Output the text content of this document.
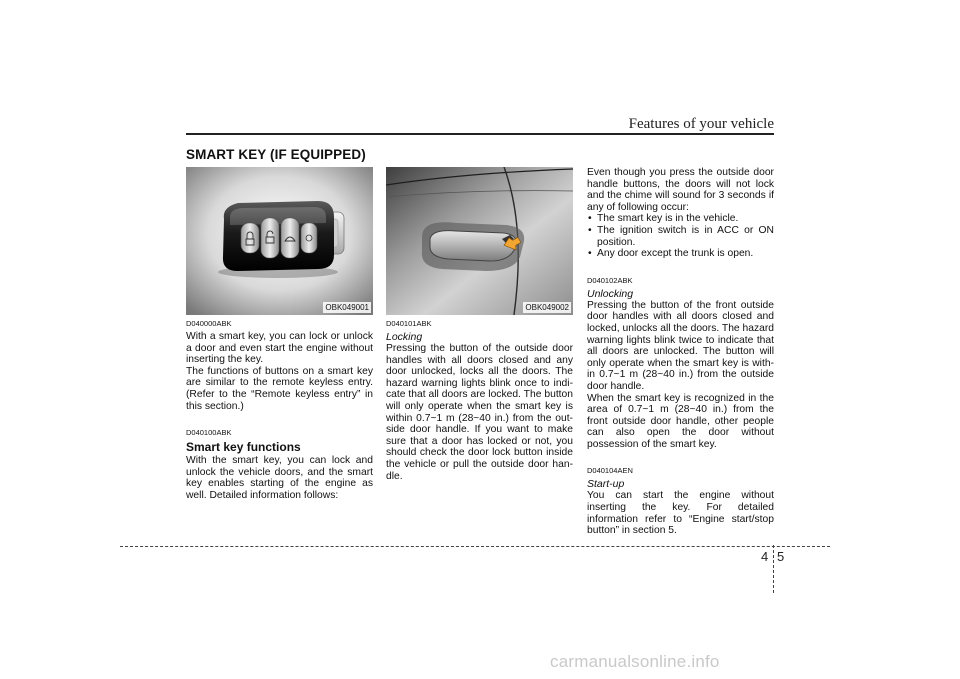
Features of your vehicle
SMART KEY (IF EQUIPPED)
OBK049001
D040000ABK

With a smart key, you can lock or unlock a door and even start the engine without inserting the key.

The functions of buttons on a smart key are similar to the remote keyless entry. (Refer to the “Remote keyless entry” in this section.)

D040100ABK
Smart key functions

With the smart key, you can lock and unlock the vehicle doors, and the smart key enables starting of the engine as well. Detailed information follows:

OBK049002
D040101ABK
Locking

Pressing the button of the outside door handles with all doors closed and any door unlocked, locks all the doors. The hazard warning lights blink once to indi-cate that all doors are locked. The button will only operate when the smart key is within 0.7~1 m (28~40 in.) from the out-side door handle. If you want to make sure that a door has locked or not, you should check the door lock button inside the vehicle or pull the outside door han-dle.

Even though you press the outside door handle buttons, the doors will not lock and the chime will sound for 3 seconds if any of following occur:

• The smart key is in the vehicle.
• The ignition switch is in ACC or ON position.
• Any door except the trunk is open.
D040102ABK
Unlocking

Pressing the button of the front outside door handles with all doors closed and locked, unlocks all the doors. The hazard warning lights blink twice to indicate that all doors are unlocked. The button will only operate when the smart key is with-in 0.7~1 m (28~40 in.) from the outside door handle.

When the smart key is recognized in the area of 0.7~1 m (28~40 in.) from the front outside door handle, other people can also open the door without possession of the smart key.

D040104AEN
Start-up

You can start the engine without inserting the key. For detailed information refer to “Engine start/stop button” in section 5.

4 5
carmanualsonline.info
